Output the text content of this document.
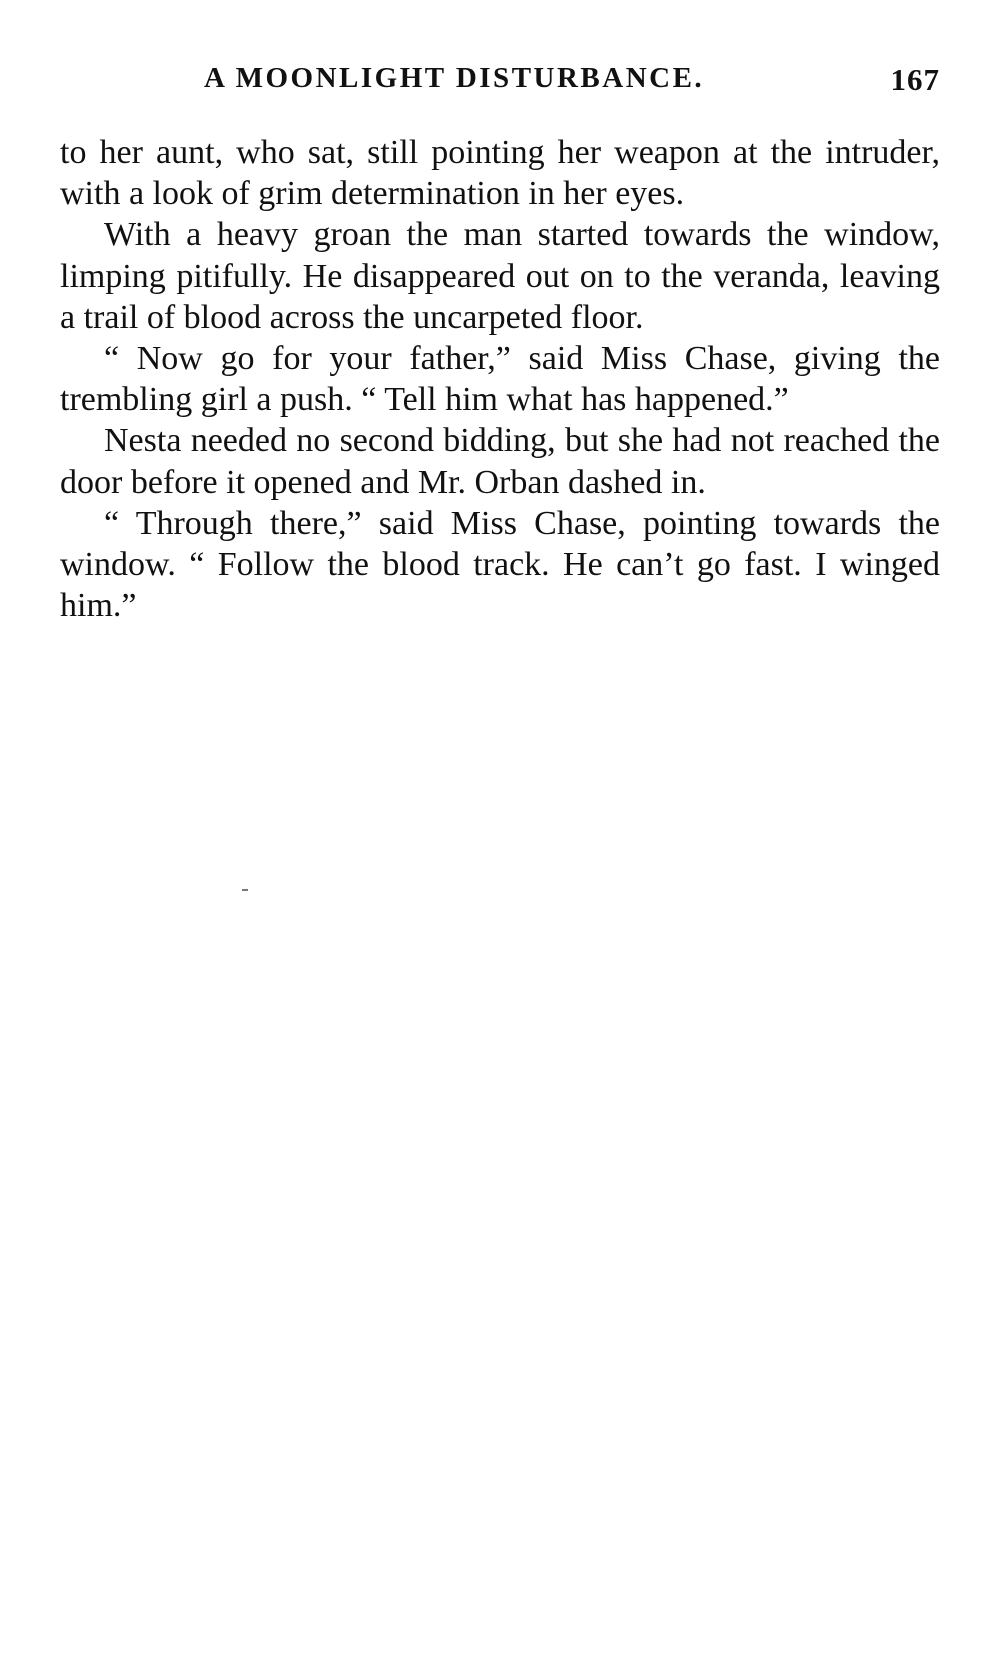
A MOONLIGHT DISTURBANCE.	167

to her aunt, who sat, still pointing her weapon at the intruder, with a look of grim determination in her eyes.

With a heavy groan the man started towards the window, limping pitifully. He disappeared out on to the veranda, leaving a trail of blood across the uncarpeted floor.

“ Now go for your father,” said Miss Chase, giving the trembling girl a push. “ Tell him what has happened.”

Nesta needed no second bidding, but she had not reached the door before it opened and Mr. Orban dashed in.

“ Through there,” said Miss Chase, pointing towards the window. “ Follow the blood track. He can’t go fast. I winged him.”
